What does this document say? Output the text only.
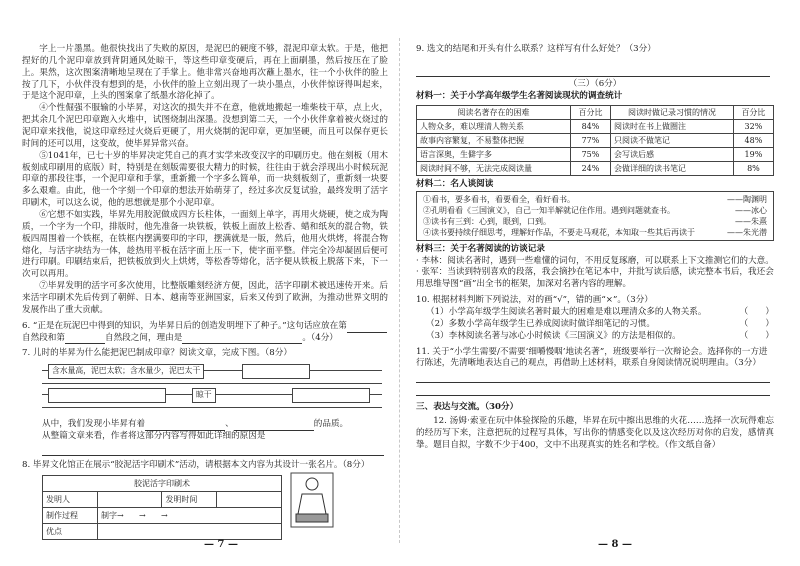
字上一片墨黑。他很快找出了失败的原因，是泥巴的硬度不够，混泥印章太软。于是，他把捏好的几个泥印章放到背阴通风处晾干，等这些印章变硬后，再在上面刷墨，然后按压在了脸上。果然，这次图案清晰地呈现在了手掌上。他非常兴奋地再次蘸上墨水，往一个小伙伴的脸上按了几下，小伙伴没有想到的是，小伙伴的脸上立刻出现了一块小墨点，小伙伴惊讶得叫起来，于是这个泥印章，上头的图案拿了纸墨水溶化掉了。

④个性倔强不服输的小毕昇，对这次的损失并不在意，他就地搬起一堆柴枝干草，点上火，把其余几个泥巴印章跑入火堆中，试图烧制出深墨。没想到第二天，一个小伙伴拿着被火烧过的泥印章来找他，说这印章经过火烧后更硬了，用火烧制的泥印章，更加坚硬，而且可以保存更长时间的还可以用，这变故，使毕昇异常兴奋。

⑤1041年，已七十岁的毕昇决定凭自己的真才实学来改变汉字的印刷历史。他在刻板（用木板刻成印刷用的底版）时，特别是在刻版需要很大精力的时候，往往由于就会浮现出小时候玩泥印章的那段往事，一个泥印章和手掌，重新搬一个字多么简单，而一块刻板刻了，重新刻一块要多么艰难。由此，他一个字刻一个印章的想法开始萌芽了，经过多次反复试验，最终发明了活字印刷术，可以这么说，他的思想就是那个小泥印章。

⑥它想不如实践，毕昇先用胶泥做成四方长柱体，一面刻上单字，再用火烧硬，使之成为陶质，一个字为一个印，排版时，他先准备一块铁板，铁板上面放上松香、蜡和纸灰的混合物，铁板四周围着一个铁框，在铁框内摆满要印的字印，摆满就是一版，然后，他用火烘烤，将混合物熔化，与活字块结为一体，趁热用平板在活字面上压一下，使字面平整。伴完全冷却凝固后便可进行印刷。印刷结束后，把铁板放到火上烘烤，等松香等熔化，活字便从铁板上脱落下来，下一次可以再用。

⑦毕昇发明的活字可多次使用，比整版雕刻经济方便，因此，活字印刷术被迅速传开来。后来活字印刷术先后传到了朝鲜、日本、越南等亚洲国家，后来又传到了欧洲，为推动世界文明的发展作出了重大贡献。

6. “正是在玩泥巴中得到的知识，为毕昇日后的创造发明埋下了种子。”这句话应放在第自然段和第	自然段之间，理由是	。（4分）

7. 儿时的毕昇为什么能把泥巴制成印章？阅读文章，完成下图。（8分）

含水量高，泥巴太软；含水量少，泥巴太干
晾干

从中，我们发现小毕昇有着	、	的品质。

从整篇文章来看，作者将这部分内容写得如此详细的原因是

8. 毕昇文化馆正在展示“胶泥活字印刷术”活动，请根据本文内容为其设计一张名片。（8分）

胶泥活字印刷术			
发明人		发明时间	
制作过程	制字→ → →		
优点			
— 7 —

9. 选文的结尾和开头有什么联系？这样写有什么好处？（3分）

（三）（6分）

材料一：关于小学高年级学生名著阅读现状的调查统计

阅读名著存在的困难	百分比	阅读时做记录习惯的情况	百分比
人物众多，难以理清人物关系	84%	阅读时在书上做圈注	32%
故事内容繁复，不易整体把握	77%	只阅读不做笔记	48%
语言深奥，生僻字多	75%	会写读后感	19%
阅读时间不够，无法完成阅读量	24%	会做详细的读书笔记	8%

材料二：名人谈阅读

①看书，要多看书，看要看全，看好看书。	——陶渊明
②孔明看看《三国演义》，自己一知半解就记住作用。遇到问题就查书。	——冰心
③读书有三到：心到，眼到，口到。	——朱熹
④读书要持续仔细思考，理解好作品，不要走马观花，本知取一些其后再读于	——朱光潜

材料三：关于名著阅读的访谈记录

· 李林：阅读名著时，遇到一些难懂的词句，不用反复琢磨，可以联系上下文推测它们的大意。

· 张军：当读到特别喜欢的段落，我会摘抄在笔记本中，并批写读后感，读完整本书后，我还会用思维导图“画”出全书的框架，加深对名著内容的理解。

10. 根据材料判断下列说法，对的画“√”，错的画“×”。（3分）

（1）小学高年级学生阅读名著时最大的困难是难以理清众多的人物关系。	（　　）
（2）多数小学高年级学生已养成阅读时做详细笔记的习惯。	（　　）
（3）李林阅读名著与冰心小时候读《三国演义》的方法是相似的。	（　　）

11. 关于“小学生需要/不需要‘细嚼慢咽’地读名著”，班级要举行一次辩论会。选择你的一方进行陈述，先清晰地表达自己的观点，再借助上述材料，联系自身阅读情况说明理由。（3分）

三、表达与交流。（30分）

12. 汤姆·索亚在玩中体验探险的乐趣，毕昇在玩中擦出思维的火花……选择一次玩得难忘的经历写下来，注意把玩的过程写具体，写出你的情感变化以及这次经历对你的启发，感情真挚。题目自拟，字数不少于400，文中不出现真实的姓名和学校。（作文纸自备）

— 8 —
